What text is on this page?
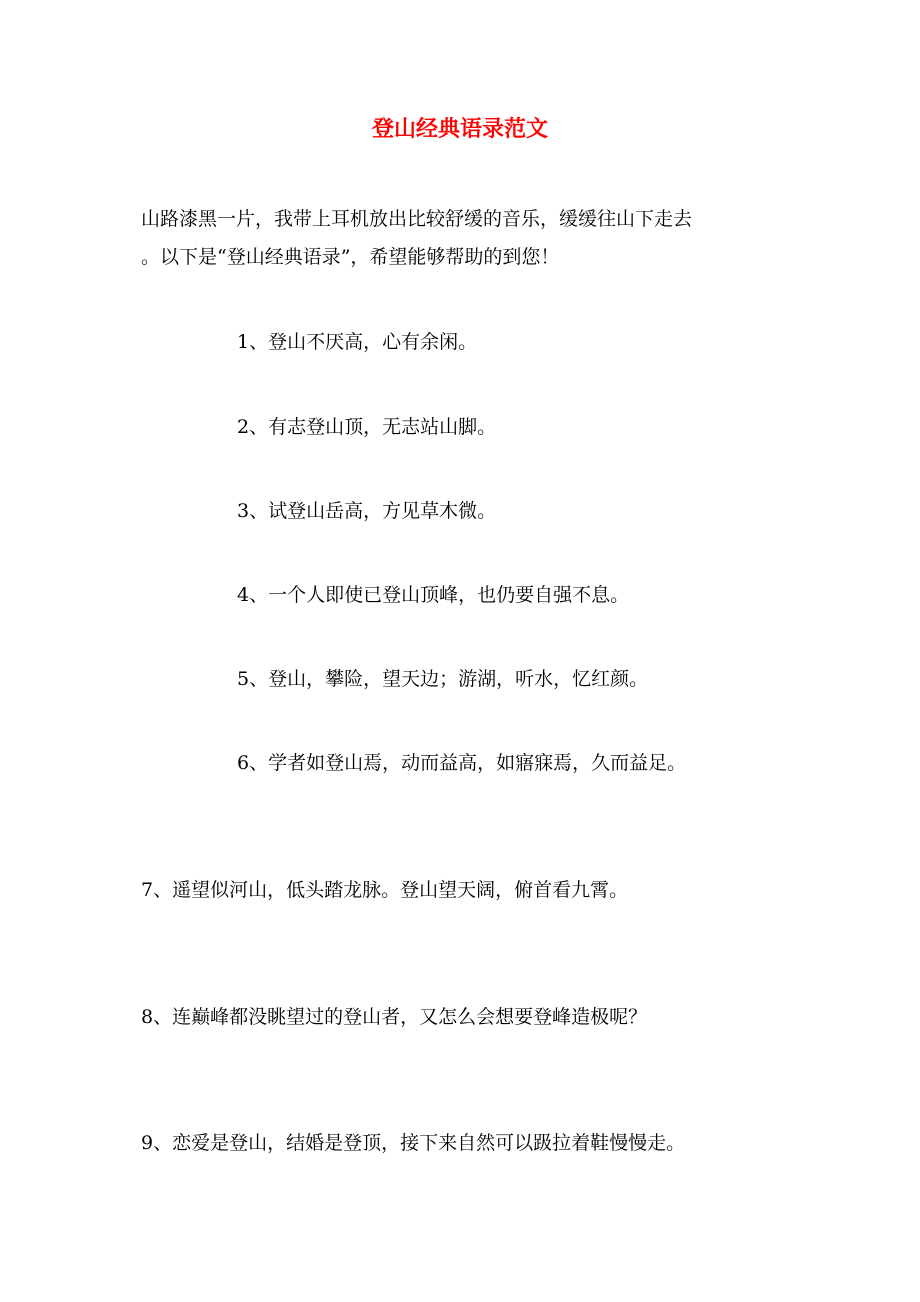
登山经典语录范文
山路漆黑一片，我带上耳机放出比较舒缓的音乐，缓缓往山下走去
。以下是“登山经典语录”，希望能够帮助的到您！
1、登山不厌高，心有余闲。
2、有志登山顶，无志站山脚。
3、试登山岳高，方见草木微。
4、一个人即使已登山顶峰，也仍要自强不息。
5、登山，攀险，望天边；游湖，听水，忆红颜。
6、学者如登山焉，动而益高，如寤寐焉，久而益足。
7、遥望似河山，低头踏龙脉。登山望天阔，俯首看九霄。
8、连巅峰都没眺望过的登山者，又怎么会想要登峰造极呢？
9、恋爱是登山，结婚是登顶，接下来自然可以趿拉着鞋慢慢走。
